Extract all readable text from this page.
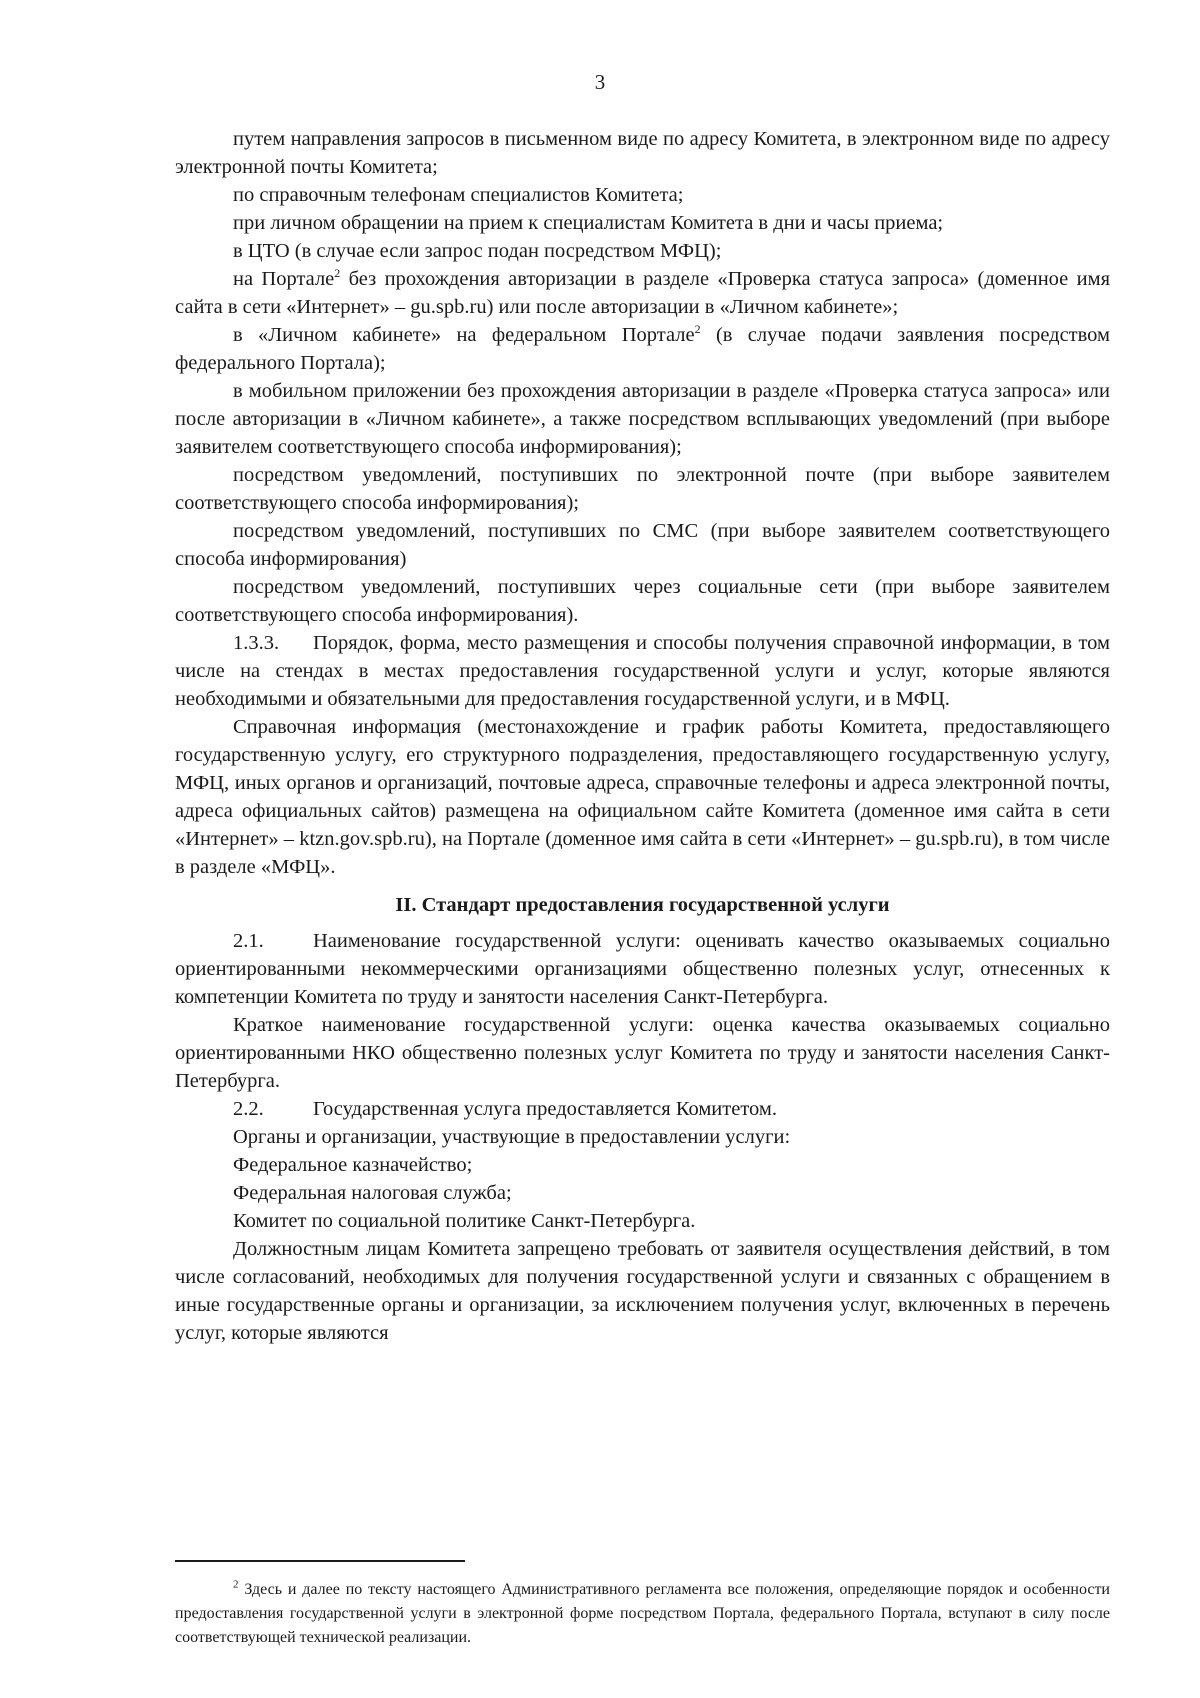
3

путем направления запросов в письменном виде по адресу Комитета, в электронном виде по адресу электронной почты Комитета;

по справочным телефонам специалистов Комитета;

при личном обращении на прием к специалистам Комитета в дни и часы приема;

в ЦТО (в случае если запрос подан посредством МФЦ);

на Портале$^2$ без прохождения авторизации в разделе «Проверка статуса запроса» (доменное имя сайта в сети «Интернет» – gu.spb.ru) или после авторизации в «Личном кабинете»;

в «Личном кабинете» на федеральном Портале$^2$ (в случае подачи заявления посредством федерального Портала);

в мобильном приложении без прохождения авторизации в разделе «Проверка статуса запроса» или после авторизации в «Личном кабинете», а также посредством всплывающих уведомлений (при выборе заявителем соответствующего способа информирования);

посредством уведомлений, поступивших по электронной почте (при выборе заявителем соответствующего способа информирования);

посредством уведомлений, поступивших по СМС (при выборе заявителем соответствующего способа информирования)

посредством уведомлений, поступивших через социальные сети (при выборе заявителем соответствующего способа информирования).

1.3.3. Порядок, форма, место размещения и способы получения справочной информации, в том числе на стендах в местах предоставления государственной услуги и услуг, которые являются необходимыми и обязательными для предоставления государственной услуги, и в МФЦ.

Справочная информация (местонахождение и график работы Комитета, предоставляющего государственную услугу, его структурного подразделения, предоставляющего государственную услугу, МФЦ, иных органов и организаций, почтовые адреса, справочные телефоны и адреса электронной почты, адреса официальных сайтов) размещена на официальном сайте Комитета (доменное имя сайта в сети «Интернет» – ktzn.gov.spb.ru), на Портале (доменное имя сайта в сети «Интернет» – gu.spb.ru), в том числе в разделе «МФЦ».

II. Стандарт предоставления государственной услуги

2.1. Наименование государственной услуги: оценивать качество оказываемых социально ориентированными некоммерческими организациями общественно полезных услуг, отнесенных к компетенции Комитета по труду и занятости населения Санкт-Петербурга.

Краткое наименование государственной услуги: оценка качества оказываемых социально ориентированными НКО общественно полезных услуг Комитета по труду и занятости населения Санкт-Петербурга.

2.2. Государственная услуга предоставляется Комитетом.

Органы и организации, участвующие в предоставлении услуги:

Федеральное казначейство;

Федеральная налоговая служба;

Комитет по социальной политике Санкт-Петербурга.

Должностным лицам Комитета запрещено требовать от заявителя осуществления действий, в том числе согласований, необходимых для получения государственной услуги и связанных с обращением в иные государственные органы и организации, за исключением получения услуг, включенных в перечень услуг, которые являются

$^2$ Здесь и далее по тексту настоящего Административного регламента все положения, определяющие порядок и особенности предоставления государственной услуги в электронной форме посредством Портала, федерального Портала, вступают в силу после соответствующей технической реализации.
